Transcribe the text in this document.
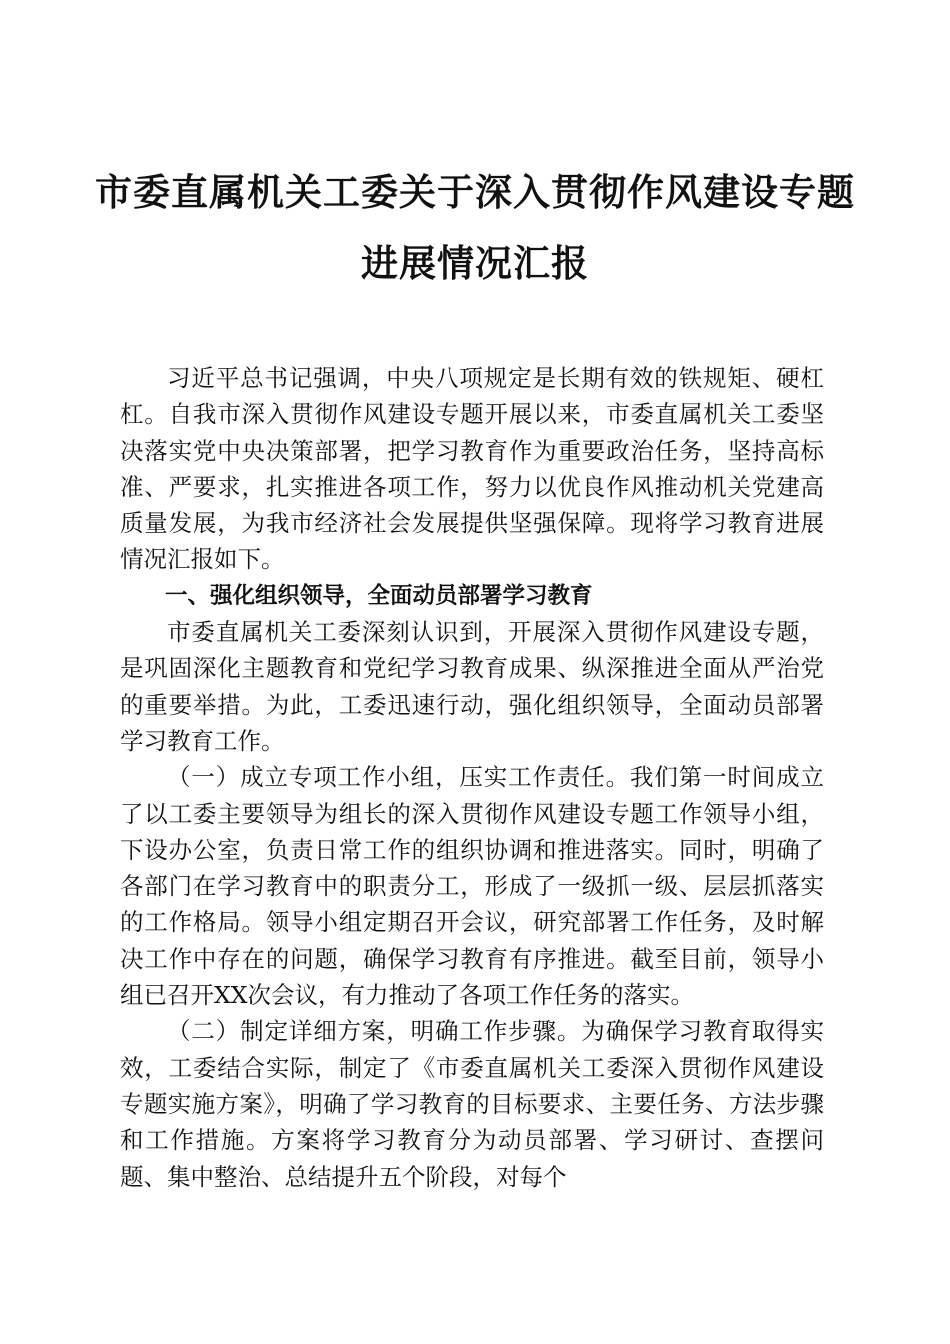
市委直属机关工委关于深入贯彻作风建设专题
进展情况汇报

习近平总书记强调，中央八项规定是长期有效的铁规矩、硬杠杠。自我市深入贯彻作风建设专题开展以来，市委直属机关工委坚决落实党中央决策部署，把学习教育作为重要政治任务，坚持高标准、严要求，扎实推进各项工作，努力以优良作风推动机关党建高质量发展，为我市经济社会发展提供坚强保障。现将学习教育进展情况汇报如下。

一、强化组织领导，全面动员部署学习教育

市委直属机关工委深刻认识到，开展深入贯彻作风建设专题，是巩固深化主题教育和党纪学习教育成果、纵深推进全面从严治党的重要举措。为此，工委迅速行动，强化组织领导，全面动员部署学习教育工作。

（一）成立专项工作小组，压实工作责任。我们第一时间成立了以工委主要领导为组长的深入贯彻作风建设专题工作领导小组，下设办公室，负责日常工作的组织协调和推进落实。同时，明确了各部门在学习教育中的职责分工，形成了一级抓一级、层层抓落实的工作格局。领导小组定期召开会议，研究部署工作任务，及时解决工作中存在的问题，确保学习教育有序推进。截至目前，领导小组已召开XX次会议，有力推动了各项工作任务的落实。

（二）制定详细方案，明确工作步骤。为确保学习教育取得实效，工委结合实际，制定了《市委直属机关工委深入贯彻作风建设专题实施方案》，明确了学习教育的目标要求、主要任务、方法步骤和工作措施。方案将学习教育分为动员部署、学习研讨、查摆问题、集中整治、总结提升五个阶段，对每个
